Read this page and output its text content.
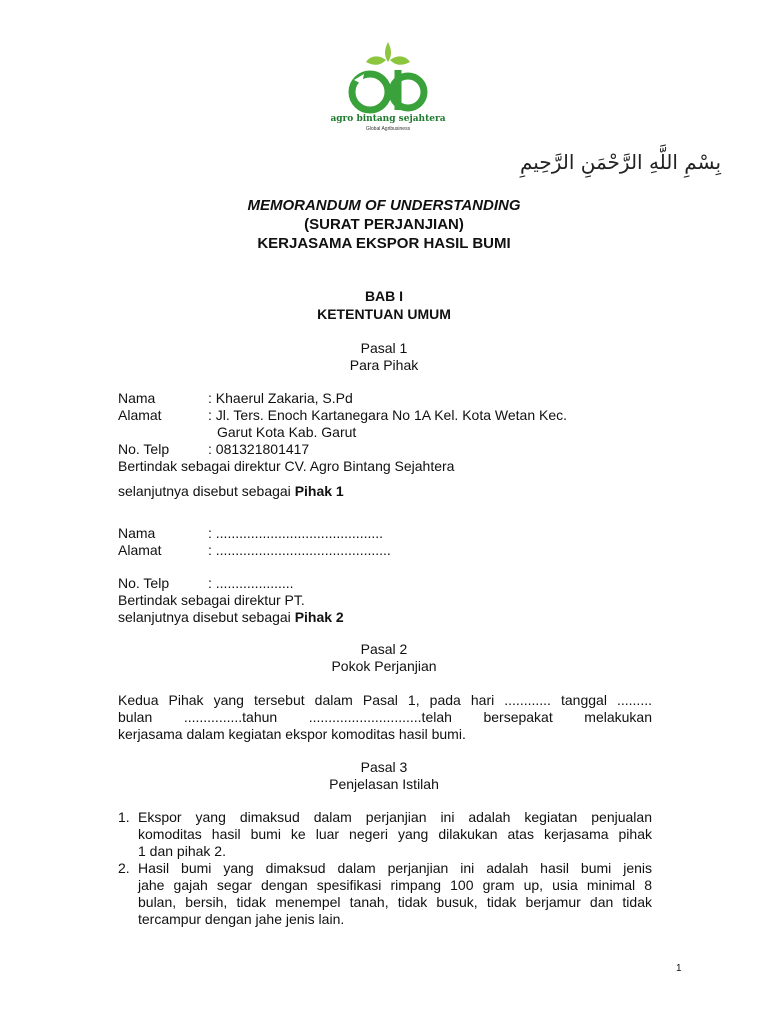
agro bintang sejahtera
Global Agribusiness
بِسْمِ اللَّهِ الرَّحْمَنِ الرَّحِيمِ
MEMORANDUM OF UNDERSTANDING
(SURAT PERJANJIAN)
KERJASAMA EKSPOR HASIL BUMI
BAB I
KETENTUAN UMUM
Pasal 1
Para Pihak
Nama	: Khaerul Zakaria, S.Pd
Alamat	: Jl. Ters. Enoch Kartanegara No 1A Kel. Kota Wetan Kec.
Garut Kota Kab. Garut
No. Telp	: 081321801417
Bertindak sebagai direktur CV. Agro Bintang Sejahtera
selanjutnya disebut sebagai Pihak 1
Nama	: ...........................................
Alamat	: .............................................
No. Telp	: ....................
Bertindak sebagai direktur PT.
selanjutnya disebut sebagai Pihak 2
Pasal 2
Pokok Perjanjian
Kedua Pihak yang tersebut dalam Pasal 1, pada hari ............ tanggal .........
bulan ...............tahun .............................telah bersepakat melakukan
kerjasama dalam kegiatan ekspor komoditas hasil bumi.
Pasal 3
Penjelasan Istilah
1. Ekspor yang dimaksud dalam perjanjian ini adalah kegiatan penjualan
komoditas hasil bumi ke luar negeri yang dilakukan atas kerjasama pihak
1 dan pihak 2.
2. Hasil bumi yang dimaksud dalam perjanjian ini adalah hasil bumi jenis
jahe gajah segar dengan spesifikasi rimpang 100 gram up, usia minimal 8
bulan, bersih, tidak menempel tanah, tidak busuk, tidak berjamur dan tidak
tercampur dengan jahe jenis lain.
1
